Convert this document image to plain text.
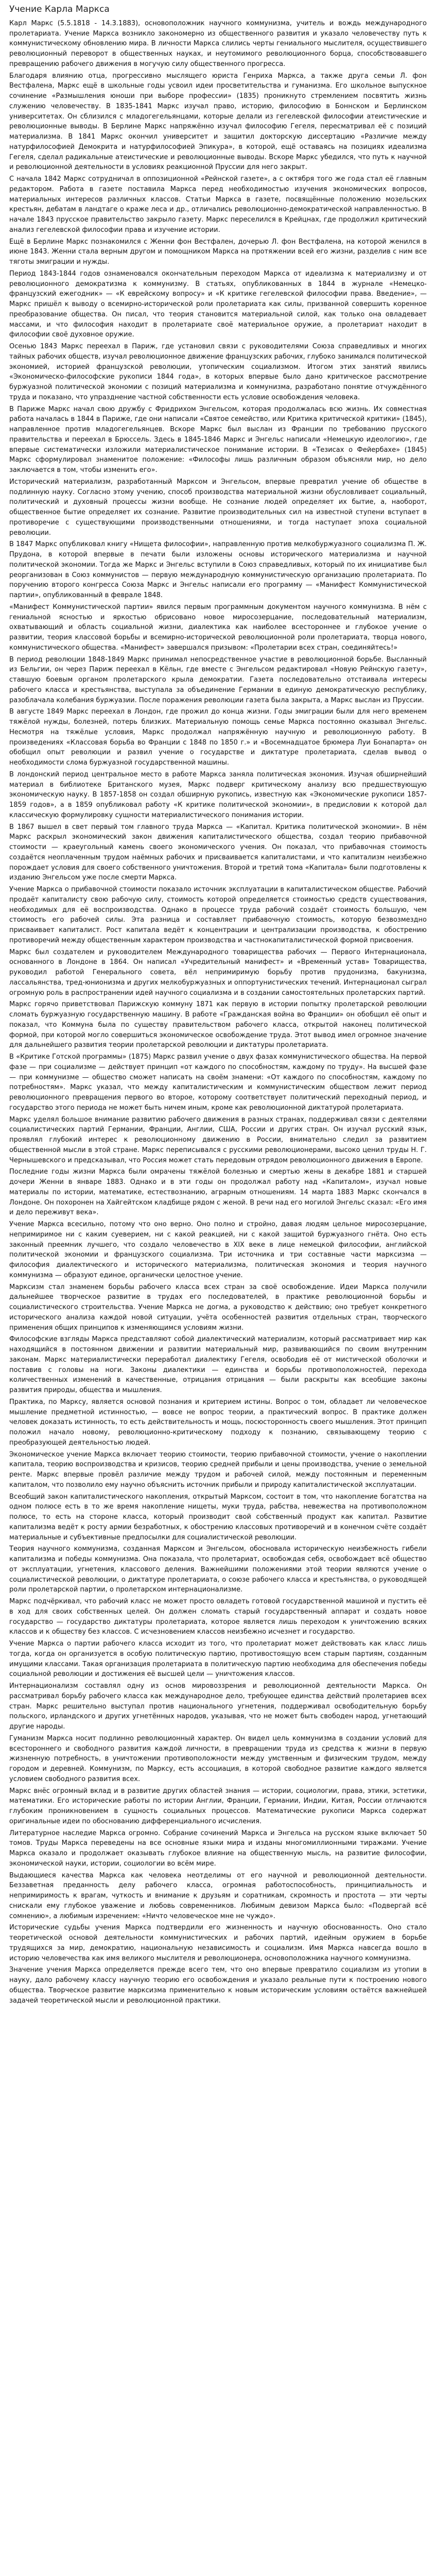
Учение Карла Маркса

Карл Маркс (5.5.1818 - 14.3.1883), основоположник научного коммунизма, учитель и вождь международного пролетариата. Учение Маркса возникло закономерно из общественного развития и указало человечеству путь к коммунистическому обновлению мира. В личности Маркса слились черты гениального мыслителя, осуществившего революционный переворот в общественных науках, и неутомимого революционного борца, способствовавшего превращению рабочего движения в могучую силу общественного прогресса.

Благодаря влиянию отца, прогрессивно мыслящего юриста Генриха Маркса, а также друга семьи Л. фон Вестфалена, Маркс ещё в школьные годы усвоил идеи просветительства и гуманизма. Его школьное выпускное сочинение «Размышления юноши при выборе профессии» (1835) проникнуто стремлением посвятить жизнь служению человечеству. В 1835-1841 Маркс изучал право, историю, философию в Боннском и Берлинском университетах. Он сблизился с младогегельянцами, которые делали из гегелевской философии атеистические и революционные выводы. В Берлине Маркс напряжённо изучал философию Гегеля, пересматривал её с позиций материализма. В 1841 Маркс окончил университет и защитил докторскую диссертацию «Различие между натурфилософией Демокрита и натурфилософией Эпикура», в которой, ещё оставаясь на позициях идеализма Гегеля, сделал радикальные атеистические и революционные выводы. Вскоре Маркс убедился, что путь к научной и революционной деятельности в условиях реакционной Пруссии для него закрыт.

С начала 1842 Маркс сотрудничал в оппозиционной «Рейнской газете», а с октября того же года стал её главным редактором. Работа в газете поставила Маркса перед необходимостью изучения экономических вопросов, материальных интересов различных классов. Статьи Маркса в газете, посвящённые положению мозельских крестьян, дебатам в ландтаге о краже леса и др., отличались революционно-демократической направленностью. В начале 1843 прусское правительство закрыло газету. Маркс переселился в Крейцнах, где продолжил критический анализ гегелевской философии права и изучение истории.

Ещё в Берлине Маркс познакомился с Женни фон Вестфален, дочерью Л. фон Вестфалена, на которой женился в июне 1843. Женни стала верным другом и помощником Маркса на протяжении всей его жизни, разделив с ним все тяготы эмиграции и нужды.

Период 1843-1844 годов ознаменовался окончательным переходом Маркса от идеализма к материализму и от революционного демократизма к коммунизму. В статьях, опубликованных в 1844 в журнале «Немецко-французский ежегодник» — «К еврейскому вопросу» и «К критике гегелевской философии права. Введение», — Маркс пришёл к выводу о всемирно-исторической роли пролетариата как силы, призванной совершить коренное преобразование общества. Он писал, что теория становится материальной силой, как только она овладевает массами, и что философия находит в пролетариате своё материальное оружие, а пролетариат находит в философии своё духовное оружие.

Осенью 1843 Маркс переехал в Париж, где установил связи с руководителями Союза справедливых и многих тайных рабочих обществ, изучал революционное движение французских рабочих, глубоко занимался политической экономией, историей французской революции, утопическим социализмом. Итогом этих занятий явились «Экономическо-философские рукописи 1844 года», в которых впервые было дано критическое рассмотрение буржуазной политической экономии с позиций материализма и коммунизма, разработано понятие отчуждённого труда и показано, что упразднение частной собственности есть условие освобождения человека.

В Париже Маркс начал свою дружбу с Фридрихом Энгельсом, которая продолжалась всю жизнь. Их совместная работа началась в 1844 в Париже, где они написали «Святое семейство, или Критика критической критики» (1845), направленное против младогегельянцев. Вскоре Маркс был выслан из Франции по требованию прусского правительства и переехал в Брюссель. Здесь в 1845-1846 Маркс и Энгельс написали «Немецкую идеологию», где впервые систематически изложили материалистическое понимание истории. В «Тезисах о Фейербахе» (1845) Маркс сформулировал знаменитое положение: «Философы лишь различным образом объясняли мир, но дело заключается в том, чтобы изменить его».

Исторический материализм, разработанный Марксом и Энгельсом, впервые превратил учение об обществе в подлинную науку. Согласно этому учению, способ производства материальной жизни обусловливает социальный, политический и духовный процессы жизни вообще. Не сознание людей определяет их бытие, а, наоборот, общественное бытие определяет их сознание. Развитие производительных сил на известной ступени вступает в противоречие с существующими производственными отношениями, и тогда наступает эпоха социальной революции.

В 1847 Маркс опубликовал книгу «Нищета философии», направленную против мелкобуржуазного социализма П. Ж. Прудона, в которой впервые в печати были изложены основы исторического материализма и научной политической экономии. Тогда же Маркс и Энгельс вступили в Союз справедливых, который по их инициативе был реорганизован в Союз коммунистов — первую международную коммунистическую организацию пролетариата. По поручению второго конгресса Союза Маркс и Энгельс написали его программу — «Манифест Коммунистической партии», опубликованный в феврале 1848.

«Манифест Коммунистической партии» явился первым программным документом научного коммунизма. В нём с гениальной ясностью и яркостью обрисовано новое миросозерцание, последовательный материализм, охватывающий и область социальной жизни, диалектика как наиболее всестороннее и глубокое учение о развитии, теория классовой борьбы и всемирно-исторической революционной роли пролетариата, творца нового, коммунистического общества. «Манифест» завершался призывом: «Пролетарии всех стран, соединяйтесь!»

В период революции 1848-1849 Маркс принимал непосредственное участие в революционной борьбе. Высланный из Бельгии, он через Париж переехал в Кёльн, где вместе с Энгельсом редактировал «Новую Рейнскую газету», ставшую боевым органом пролетарского крыла демократии. Газета последовательно отстаивала интересы рабочего класса и крестьянства, выступала за объединение Германии в единую демократическую республику, разоблачала колебания буржуазии. После поражения революции газета была закрыта, а Маркс выслан из Пруссии.

В августе 1849 Маркс переехал в Лондон, где прожил до конца жизни. Годы эмиграции были для него временем тяжёлой нужды, болезней, потерь близких. Материальную помощь семье Маркса постоянно оказывал Энгельс. Несмотря на тяжёлые условия, Маркс продолжал напряжённую научную и революционную работу. В произведениях «Классовая борьба во Франции с 1848 по 1850 г.» и «Восемнадцатое брюмера Луи Бонапарта» он обобщил опыт революции и развил учение о государстве и диктатуре пролетариата, сделав вывод о необходимости слома буржуазной государственной машины.

В лондонский период центральное место в работе Маркса заняла политическая экономия. Изучая обширнейший материал в библиотеке Британского музея, Маркс подверг критическому анализу всю предшествующую экономическую науку. В 1857-1858 он создал обширную рукопись, известную как «Экономические рукописи 1857-1859 годов», а в 1859 опубликовал работу «К критике политической экономии», в предисловии к которой дал классическую формулировку сущности материалистического понимания истории.

В 1867 вышел в свет первый том главного труда Маркса — «Капитал. Критика политической экономии». В нём Маркс раскрыл экономический закон движения капиталистического общества, создал теорию прибавочной стоимости — краеугольный камень своего экономического учения. Он показал, что прибавочная стоимость создаётся неоплаченным трудом наёмных рабочих и присваивается капиталистами, и что капитализм неизбежно порождает условия для своего собственного уничтожения. Второй и третий тома «Капитала» были подготовлены к изданию Энгельсом уже после смерти Маркса.

Учение Маркса о прибавочной стоимости показало источник эксплуатации в капиталистическом обществе. Рабочий продаёт капиталисту свою рабочую силу, стоимость которой определяется стоимостью средств существования, необходимых для её воспроизводства. Однако в процессе труда рабочий создаёт стоимость большую, чем стоимость его рабочей силы. Эта разница и составляет прибавочную стоимость, которую безвозмездно присваивает капиталист. Рост капитала ведёт к концентрации и централизации производства, к обострению противоречий между общественным характером производства и частнокапиталистической формой присвоения.

Маркс был создателем и руководителем Международного товарищества рабочих — Первого Интернационала, основанного в Лондоне в 1864. Он написал «Учредительный манифест» и «Временный устав» Товарищества, руководил работой Генерального совета, вёл непримиримую борьбу против прудонизма, бакунизма, лассальянства, тред-юнионизма и других мелкобуржуазных и оппортунистических течений. Интернационал сыграл огромную роль в распространении идей научного социализма и в создании самостоятельных пролетарских партий.

Маркс горячо приветствовал Парижскую коммуну 1871 как первую в истории попытку пролетарской революции сломать буржуазную государственную машину. В работе «Гражданская война во Франции» он обобщил её опыт и показал, что Коммуна была по существу правительством рабочего класса, открытой наконец политической формой, при которой могло совершиться экономическое освобождение труда. Этот вывод имел огромное значение для дальнейшего развития теории пролетарской революции и диктатуры пролетариата.

В «Критике Готской программы» (1875) Маркс развил учение о двух фазах коммунистического общества. На первой фазе — при социализме — действует принцип «от каждого по способностям, каждому по труду». На высшей фазе — при коммунизме — общество сможет написать на своём знамени: «От каждого по способностям, каждому по потребностям». Маркс указал, что между капиталистическим и коммунистическим обществом лежит период революционного превращения первого во второе, которому соответствует политический переходный период, и государство этого периода не может быть ничем иным, кроме как революционной диктатурой пролетариата.

Маркс уделял большое внимание развитию рабочего движения в разных странах, поддерживал связи с деятелями социалистических партий Германии, Франции, Англии, США, России и других стран. Он изучал русский язык, проявлял глубокий интерес к революционному движению в России, внимательно следил за развитием общественной мысли в этой стране. Маркс переписывался с русскими революционерами, высоко ценил труды Н. Г. Чернышевского и предсказывал, что Россия может стать передовым отрядом революционного движения в Европе.

Последние годы жизни Маркса были омрачены тяжёлой болезнью и смертью жены в декабре 1881 и старшей дочери Женни в январе 1883. Однако и в эти годы он продолжал работу над «Капиталом», изучал новые материалы по истории, математике, естествознанию, аграрным отношениям. 14 марта 1883 Маркс скончался в Лондоне. Он похоронен на Хайгейтском кладбище рядом с женой. В речи над его могилой Энгельс сказал: «Его имя и дело переживут века».

Учение Маркса всесильно, потому что оно верно. Оно полно и стройно, давая людям цельное миросозерцание, непримиримое ни с каким суеверием, ни с какой реакцией, ни с какой защитой буржуазного гнёта. Оно есть законный преемник лучшего, что создало человечество в XIX веке в лице немецкой философии, английской политической экономии и французского социализма. Три источника и три составные части марксизма — философия диалектического и исторического материализма, политическая экономия и теория научного коммунизма — образуют единое, органически целостное учение.

Марксизм стал знаменем борьбы рабочего класса всех стран за своё освобождение. Идеи Маркса получили дальнейшее творческое развитие в трудах его последователей, в практике революционной борьбы и социалистического строительства. Учение Маркса не догма, а руководство к действию; оно требует конкретного исторического анализа каждой новой ситуации, учёта особенностей развития отдельных стран, творческого применения общих принципов к изменяющимся условиям жизни.

Философские взгляды Маркса представляют собой диалектический материализм, который рассматривает мир как находящийся в постоянном движении и развитии материальный мир, развивающийся по своим внутренним законам. Маркс материалистически переработал диалектику Гегеля, освободив её от мистической оболочки и поставив с головы на ноги. Законы диалектики — единства и борьбы противоположностей, перехода количественных изменений в качественные, отрицания отрицания — были раскрыты как всеобщие законы развития природы, общества и мышления.

Практика, по Марксу, является основой познания и критерием истины. Вопрос о том, обладает ли человеческое мышление предметной истинностью, — вовсе не вопрос теории, а практический вопрос. В практике должен человек доказать истинность, то есть действительность и мощь, посюсторонность своего мышления. Этот принцип положил начало новому, революционно-критическому подходу к познанию, связывающему теорию с преобразующей деятельностью людей.

Экономическое учение Маркса включает теорию стоимости, теорию прибавочной стоимости, учение о накоплении капитала, теорию воспроизводства и кризисов, теорию средней прибыли и цены производства, учение о земельной ренте. Маркс впервые провёл различие между трудом и рабочей силой, между постоянным и переменным капиталом, что позволило ему научно объяснить источник прибыли и природу капиталистической эксплуатации.

Всеобщий закон капиталистического накопления, открытый Марксом, состоит в том, что накопление богатства на одном полюсе есть в то же время накопление нищеты, муки труда, рабства, невежества на противоположном полюсе, то есть на стороне класса, который производит свой собственный продукт как капитал. Развитие капитализма ведёт к росту армии безработных, к обострению классовых противоречий и в конечном счёте создаёт материальные и субъективные предпосылки для социалистической революции.

Теория научного коммунизма, созданная Марксом и Энгельсом, обосновала историческую неизбежность гибели капитализма и победы коммунизма. Она показала, что пролетариат, освобождая себя, освобождает всё общество от эксплуатации, угнетения, классового деления. Важнейшими положениями этой теории являются учение о социалистической революции, о диктатуре пролетариата, о союзе рабочего класса и крестьянства, о руководящей роли пролетарской партии, о пролетарском интернационализме.

Маркс подчёркивал, что рабочий класс не может просто овладеть готовой государственной машиной и пустить её в ход для своих собственных целей. Он должен сломать старый государственный аппарат и создать новое государство — государство диктатуры пролетариата, которое является лишь переходом к уничтожению всяких классов и к обществу без классов. С исчезновением классов неизбежно исчезнет и государство.

Учение Маркса о партии рабочего класса исходит из того, что пролетариат может действовать как класс лишь тогда, когда он организуется в особую политическую партию, противостоящую всем старым партиям, созданным имущими классами. Такая организация пролетариата в политическую партию необходима для обеспечения победы социальной революции и достижения её высшей цели — уничтожения классов.

Интернационализм составлял одну из основ мировоззрения и революционной деятельности Маркса. Он рассматривал борьбу рабочего класса как международное дело, требующее единства действий пролетариев всех стран. Маркс решительно выступал против национального угнетения, поддерживал освободительную борьбу польского, ирландского и других угнетённых народов, указывая, что не может быть свободен народ, угнетающий другие народы.

Гуманизм Маркса носит подлинно революционный характер. Он видел цель коммунизма в создании условий для всестороннего и свободного развития каждой личности, в превращении труда из средства к жизни в первую жизненную потребность, в уничтожении противоположности между умственным и физическим трудом, между городом и деревней. Коммунизм, по Марксу, есть ассоциация, в которой свободное развитие каждого является условием свободного развития всех.

Маркс внёс огромный вклад и в развитие других областей знания — истории, социологии, права, этики, эстетики, математики. Его исторические работы по истории Англии, Франции, Германии, Индии, Китая, России отличаются глубоким проникновением в сущность социальных процессов. Математические рукописи Маркса содержат оригинальные идеи по обоснованию дифференциального исчисления.

Литературное наследие Маркса огромно. Собрание сочинений Маркса и Энгельса на русском языке включает 50 томов. Труды Маркса переведены на все основные языки мира и изданы многомиллионными тиражами. Учение Маркса оказало и продолжает оказывать глубокое влияние на общественную мысль, на развитие философии, экономической науки, истории, социологии во всём мире.

Выдающиеся качества Маркса как человека неотделимы от его научной и революционной деятельности. Беззаветная преданность делу рабочего класса, огромная работоспособность, принципиальность и непримиримость к врагам, чуткость и внимание к друзьям и соратникам, скромность и простота — эти черты снискали ему глубокое уважение и любовь современников. Любимым девизом Маркса было: «Подвергай всё сомнению», а любимым изречением: «Ничто человеческое мне не чуждо».

Исторические судьбы учения Маркса подтвердили его жизненность и научную обоснованность. Оно стало теоретической основой деятельности коммунистических и рабочих партий, идейным оружием в борьбе трудящихся за мир, демократию, национальную независимость и социализм. Имя Маркса навсегда вошло в историю человечества как имя великого мыслителя и революционера, основоположника научного коммунизма.

Значение учения Маркса определяется прежде всего тем, что оно впервые превратило социализм из утопии в науку, дало рабочему классу научную теорию его освобождения и указало реальные пути к построению нового общества. Творческое развитие марксизма применительно к новым историческим условиям остаётся важнейшей задачей теоретической мысли и революционной практики.
